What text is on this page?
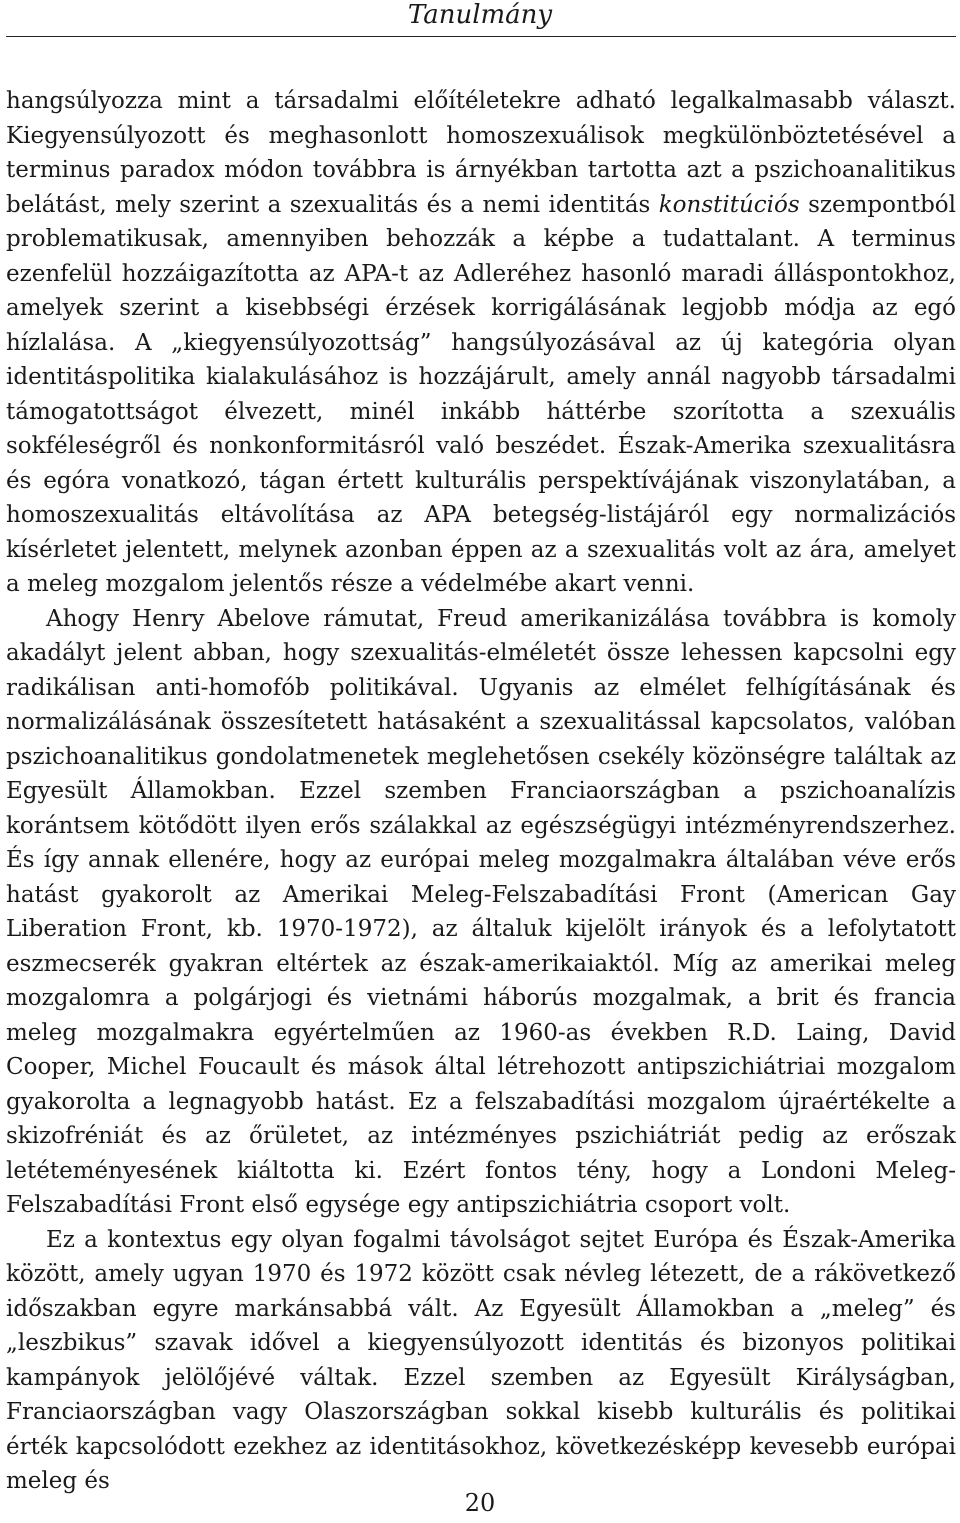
Tanulmány

hangsúlyozza mint a társadalmi előítéletekre adható legalkalmasabb választ. Kiegyensúlyozott és meghasonlott homoszexuálisok megkülönböztetésével a terminus paradox módon továbbra is árnyékban tartotta azt a pszichoanalitikus belátást, mely szerint a szexualitás és a nemi identitás konstitúciós szempontból problematikusak, amennyiben behozzák a képbe a tudattalant. A terminus ezenfelül hozzáigazította az APA-t az Adleréhez hasonló maradi álláspontokhoz, amelyek szerint a kisebbségi érzések korrigálásának legjobb módja az egó hízlalása. A „kiegyensúlyozottság” hangsúlyozásával az új kategória olyan identitáspolitika kialakulásához is hozzájárult, amely annál nagyobb társadalmi támogatottságot élvezett, minél inkább háttérbe szorította a szexuális sokféleségről és nonkonformitásról való beszédet. Észak-Amerika szexualitásra és egóra vonatkozó, tágan értett kulturális perspektívájának viszonylatában, a homoszexualitás eltávolítása az APA betegség-listájáról egy normalizációs kísérletet jelentett, melynek azonban éppen az a szexualitás volt az ára, amelyet a meleg mozgalom jelentős része a védelmébe akart venni.

Ahogy Henry Abelove rámutat, Freud amerikanizálása továbbra is komoly akadályt jelent abban, hogy szexualitás-elméletét össze lehessen kapcsolni egy radikálisan anti-homofób politikával. Ugyanis az elmélet felhígításának és normalizálásának összesítetett hatásaként a szexualitással kapcsolatos, valóban pszichoanalitikus gondolatmenetek meglehetősen csekély közönségre találtak az Egyesült Államokban. Ezzel szemben Franciaországban a pszichoanalízis korántsem kötődött ilyen erős szálakkal az egészségügyi intézményrendszerhez. És így annak ellenére, hogy az európai meleg mozgalmakra általában véve erős hatást gyakorolt az Amerikai Meleg-Felszabadítási Front (American Gay Liberation Front, kb. 1970-1972), az általuk kijelölt irányok és a lefolytatott eszmecserék gyakran eltértek az észak-amerikaiaktól. Míg az amerikai meleg mozgalomra a polgárjogi és vietnámi háborús mozgalmak, a brit és francia meleg mozgalmakra egyértelműen az 1960-as években R.D. Laing, David Cooper, Michel Foucault és mások által létrehozott antipszichiátriai mozgalom gyakorolta a legnagyobb hatást. Ez a felszabadítási mozgalom újraértékelte a skizofréniát és az őrületet, az intézményes pszichiátriát pedig az erőszak letéteményesének kiáltotta ki. Ezért fontos tény, hogy a Londoni Meleg-Felszabadítási Front első egysége egy antipszichiátria csoport volt.

Ez a kontextus egy olyan fogalmi távolságot sejtet Európa és Észak-Amerika között, amely ugyan 1970 és 1972 között csak névleg létezett, de a rákövetkező időszakban egyre markánsabbá vált. Az Egyesült Államokban a „meleg” és „leszbikus” szavak idővel a kiegyensúlyozott identitás és bizonyos politikai kampányok jelölőjévé váltak. Ezzel szemben az Egyesült Királyságban, Franciaországban vagy Olaszországban sokkal kisebb kulturális és politikai érték kapcsolódott ezekhez az identitásokhoz, következésképp kevesebb európai meleg és

20
